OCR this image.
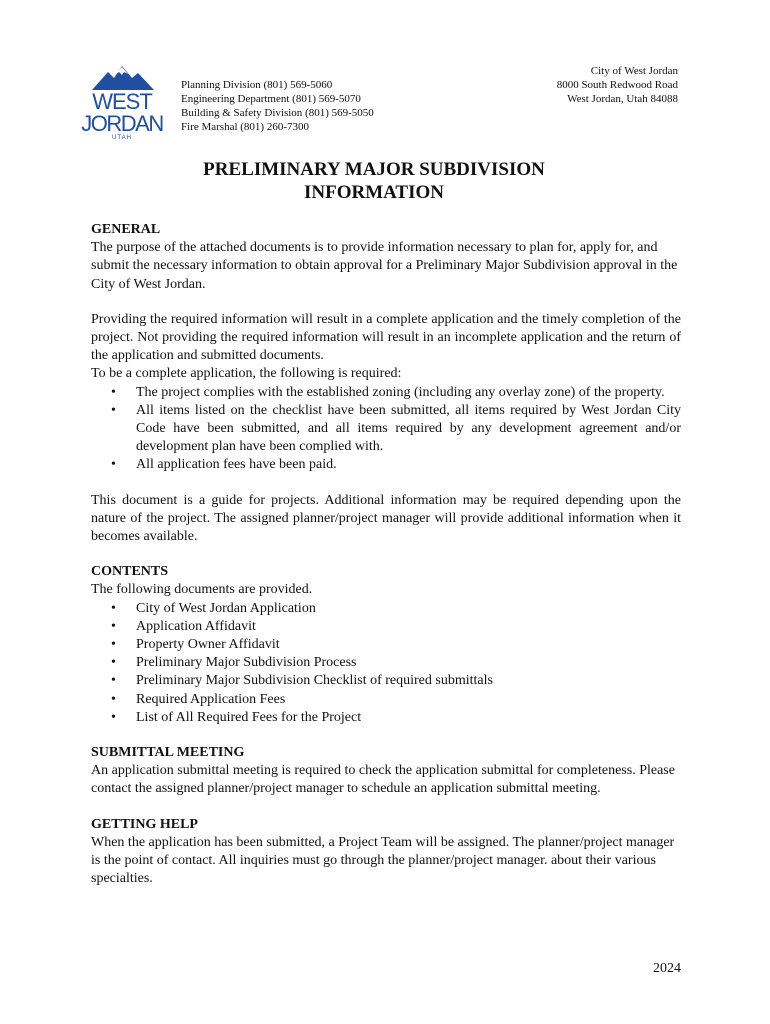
WEST
JORDAN
UTAH
Planning Division (801) 569-5060
Engineering Department (801) 569-5070
Building & Safety Division (801) 569-5050
Fire Marshal (801) 260-7300
City of West Jordan
8000 South Redwood Road
West Jordan, Utah 84088
PRELIMINARY MAJOR SUBDIVISION
INFORMATION
GENERAL

The purpose of the attached documents is to provide information necessary to plan for, apply for, and submit the necessary information to obtain approval for a Preliminary Major Subdivision approval in the City of West Jordan.

Providing the required information will result in a complete application and the timely completion of the project. Not providing the required information will result in an incomplete application and the return of the application and submitted documents.

To be a complete application, the following is required:

• The project complies with the established zoning (including any overlay zone) of the property.
• All items listed on the checklist have been submitted, all items required by West Jordan City Code have been submitted, and all items required by any development agreement and/or development plan have been complied with.
• All application fees have been paid.

This document is a guide for projects. Additional information may be required depending upon the nature of the project. The assigned planner/project manager will provide additional information when it becomes available.

CONTENTS

The following documents are provided.

• City of West Jordan Application
• Application Affidavit
• Property Owner Affidavit
• Preliminary Major Subdivision Process
• Preliminary Major Subdivision Checklist of required submittals
• Required Application Fees
• List of All Required Fees for the Project
SUBMITTAL MEETING

An application submittal meeting is required to check the application submittal for completeness. Please contact the assigned planner/project manager to schedule an application submittal meeting.

GETTING HELP

When the application has been submitted, a Project Team will be assigned. The planner/project manager is the point of contact. All inquiries must go through the planner/project manager. about their various specialties.

2024
